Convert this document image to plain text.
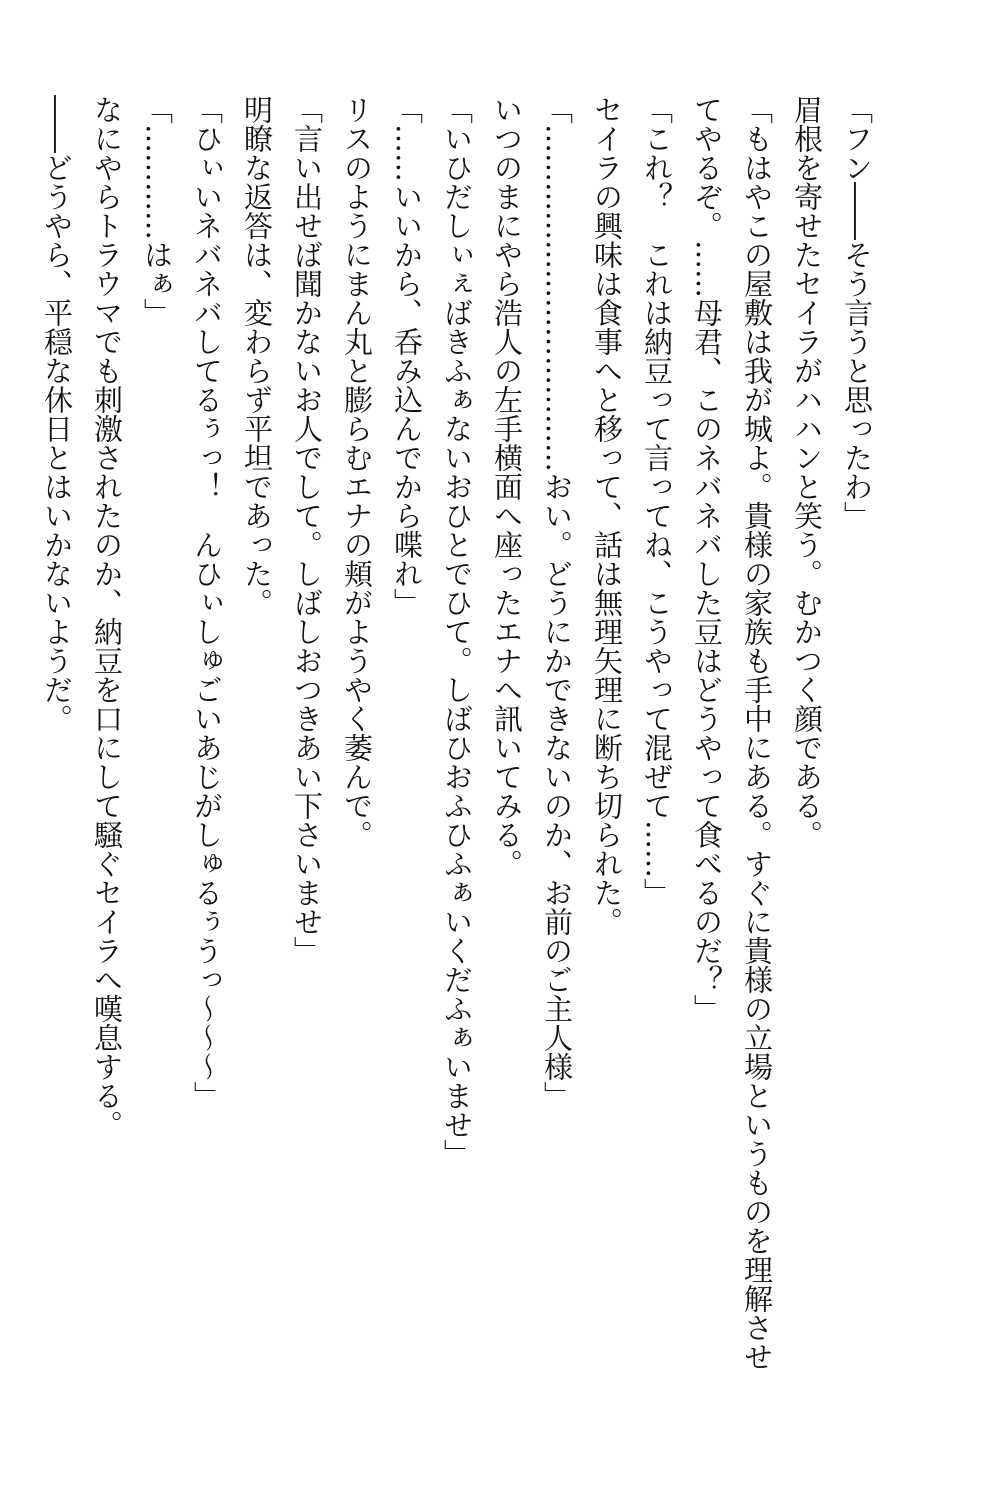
「フン――そう言うと思ったわ」

眉根を寄せたセイラがハハンと笑う。むかつく顔である。

「もはやこの屋敷は我が城よ。貴様の家族も手中にある。すぐに貴様の立場というものを理解させ

てやるぞ。……母君、このネバネバした豆はどうやって食べるのだ？」

「これ？　これは納豆って言ってね、こうやって混ぜて……」

セイラの興味は食事へと移って、話は無理矢理に断ち切られた。

「………………………………おい。どうにかできないのか、お前のご主人様」

いつのまにやら浩人の左手横面へ座ったエナへ訊いてみる。

「いひだしぃぇばきふぁないおひとでひて。しばひおふひふぁいくだふぁいませ」

「……いいから、呑み込んでから喋れ」

リスのようにまん丸と膨らむエナの頬がようやく萎んで。

「言い出せば聞かないお人でして。しばしおつきあい下さいませ」

明瞭な返答は、変わらず平坦であった。

「ひぃいネバネバしてるぅっ！　んひぃしゅごいあじがしゅるぅうっ～～～」

「…………はぁ」

なにやらトラウマでも刺激されたのか、納豆を口にして騒ぐセイラへ嘆息する。

――どうやら、平穏な休日とはいかないようだ。
